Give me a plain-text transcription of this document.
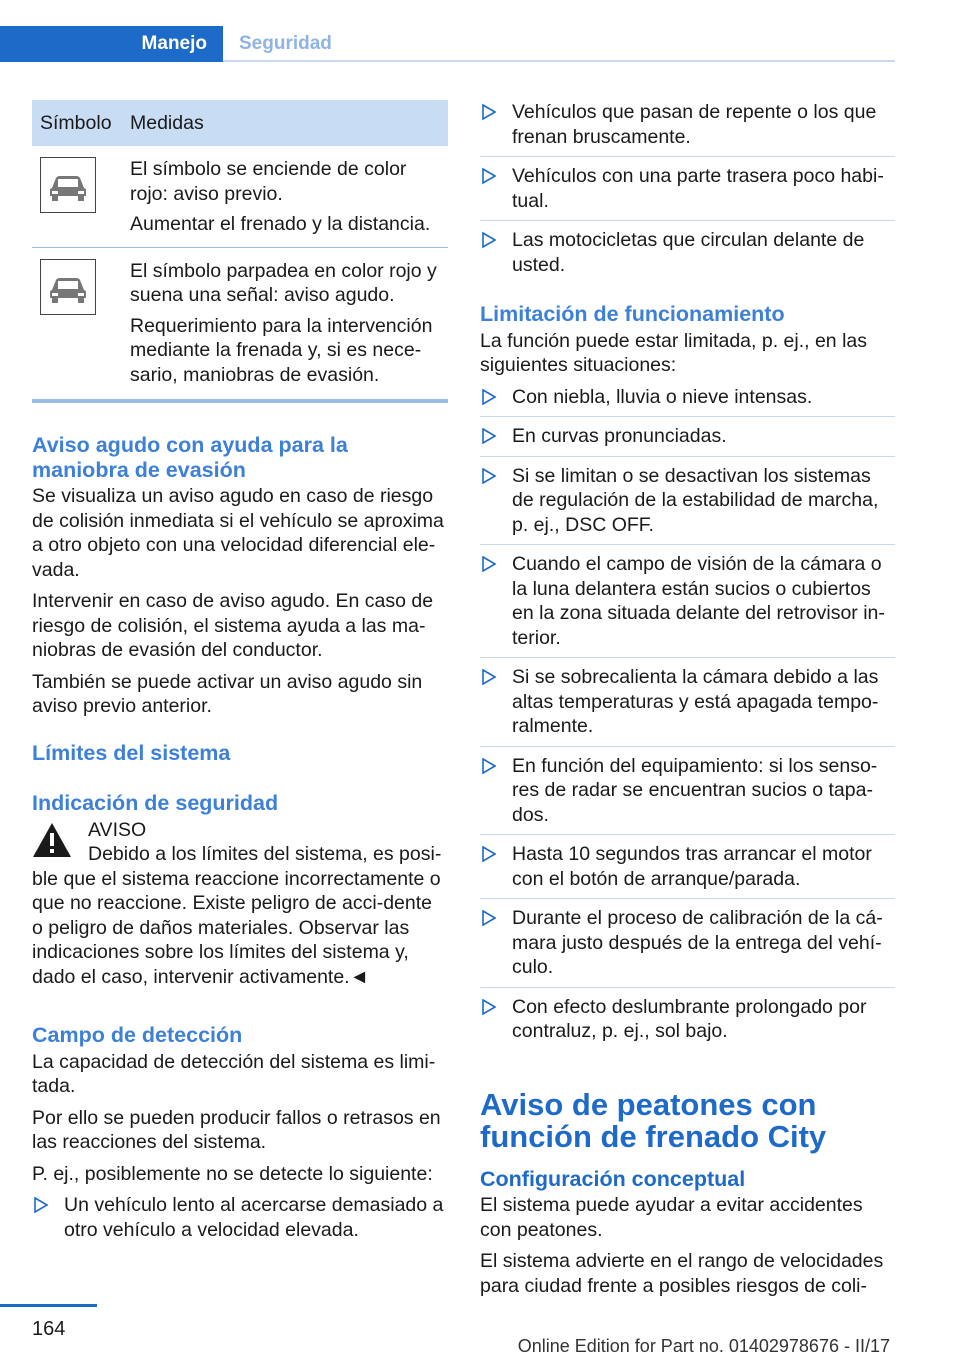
Manejo	Seguridad
Símbolo	Medidas

El símbolo se enciende de color rojo: aviso previo.

Aumentar el frenado y la distancia.

El símbolo parpadea en color rojo y suena una señal: aviso agudo.

Requerimiento para la intervención mediante la frenada y, si es nece-sario, maniobras de evasión.

Aviso agudo con ayuda para la maniobra de evasión

Se visualiza un aviso agudo en caso de riesgo de colisión inmediata si el vehículo se aproxima a otro objeto con una velocidad diferencial ele-vada.

Intervenir en caso de aviso agudo. En caso de riesgo de colisión, el sistema ayuda a las ma-niobras de evasión del conductor.

También se puede activar un aviso agudo sin aviso previo anterior.

Límites del sistema
Indicación de seguridad

AVISO

Debido a los límites del sistema, es posi-ble que el sistema reaccione incorrectamente o que no reaccione. Existe peligro de acci-dente o peligro de daños materiales. Observar las indicaciones sobre los límites del sistema y, dado el caso, intervenir activamente.◄

Campo de detección

La capacidad de detección del sistema es limi-tada.

Por ello se pueden producir fallos o retrasos en las reacciones del sistema.

P. ej., posiblemente no se detecte lo siguiente:

Un vehículo lento al acercarse demasiado a otro vehículo a velocidad elevada.
Vehículos que pasan de repente o los que frenan bruscamente.
Vehículos con una parte trasera poco habi-tual.
Las motocicletas que circulan delante de usted.
Limitación de funcionamiento

La función puede estar limitada, p. ej., en las siguientes situaciones:

Con niebla, lluvia o nieve intensas.
En curvas pronunciadas.
Si se limitan o se desactivan los sistemas de regulación de la estabilidad de marcha, p. ej., DSC OFF.
Cuando el campo de visión de la cámara o la luna delantera están sucios o cubiertos en la zona situada delante del retrovisor in-terior.
Si se sobrecalienta la cámara debido a las altas temperaturas y está apagada tempo-ralmente.
En función del equipamiento: si los senso-res de radar se encuentran sucios o tapa-dos.
Hasta 10 segundos tras arrancar el motor con el botón de arranque/parada.
Durante el proceso de calibración de la cá-mara justo después de la entrega del vehí-culo.
Con efecto deslumbrante prolongado por contraluz, p. ej., sol bajo.
Aviso de peatones con función de frenado City
Configuración conceptual

El sistema puede ayudar a evitar accidentes con peatones.

El sistema advierte en el rango de velocidades para ciudad frente a posibles riesgos de coli-

164
Online Edition for Part no. 01402978676 - II/17
